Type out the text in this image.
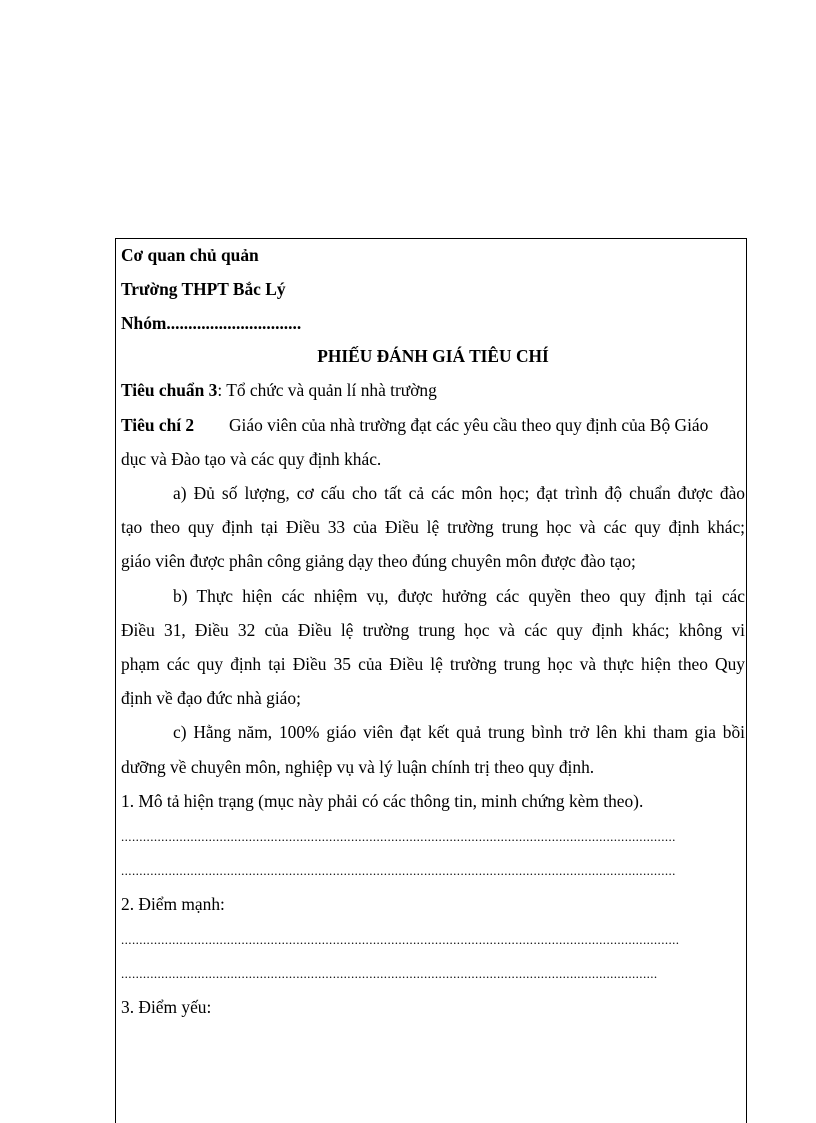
Cơ quan chủ quản
Trường THPT Bắc Lý
Nhóm...............................
PHIẾU ĐÁNH GIÁ TIÊU CHÍ
Tiêu chuẩn 3: Tổ chức và quản lí nhà trường
Tiêu chí 2 Giáo viên của nhà trường đạt các yêu cầu theo quy định của Bộ Giáo
dục và Đào tạo và các quy định khác.
a) Đủ số lượng, cơ cấu cho tất cả các môn học; đạt trình độ chuẩn được đào
tạo theo quy định tại Điều 33 của Điều lệ trường trung học và các quy định khác;
giáo viên được phân công giảng dạy theo đúng chuyên môn được đào tạo;
b) Thực hiện các nhiệm vụ, được hưởng các quyền theo quy định tại các
Điều 31, Điều 32 của Điều lệ trường trung học và các quy định khác; không vi
phạm các quy định tại Điều 35 của Điều lệ trường trung học và thực hiện theo Quy
định về đạo đức nhà giáo;
c) Hằng năm, 100% giáo viên đạt kết quả trung bình trở lên khi tham gia bồi
dưỡng về chuyên môn, nghiệp vụ và lý luận chính trị theo quy định.
1. Mô tả hiện trạng (mục này phải có các thông tin, minh chứng kèm theo).
........................................................................................................................................................
........................................................................................................................................................
2. Điểm mạnh:
.........................................................................................................................................................
...................................................................................................................................................
3. Điểm yếu:
